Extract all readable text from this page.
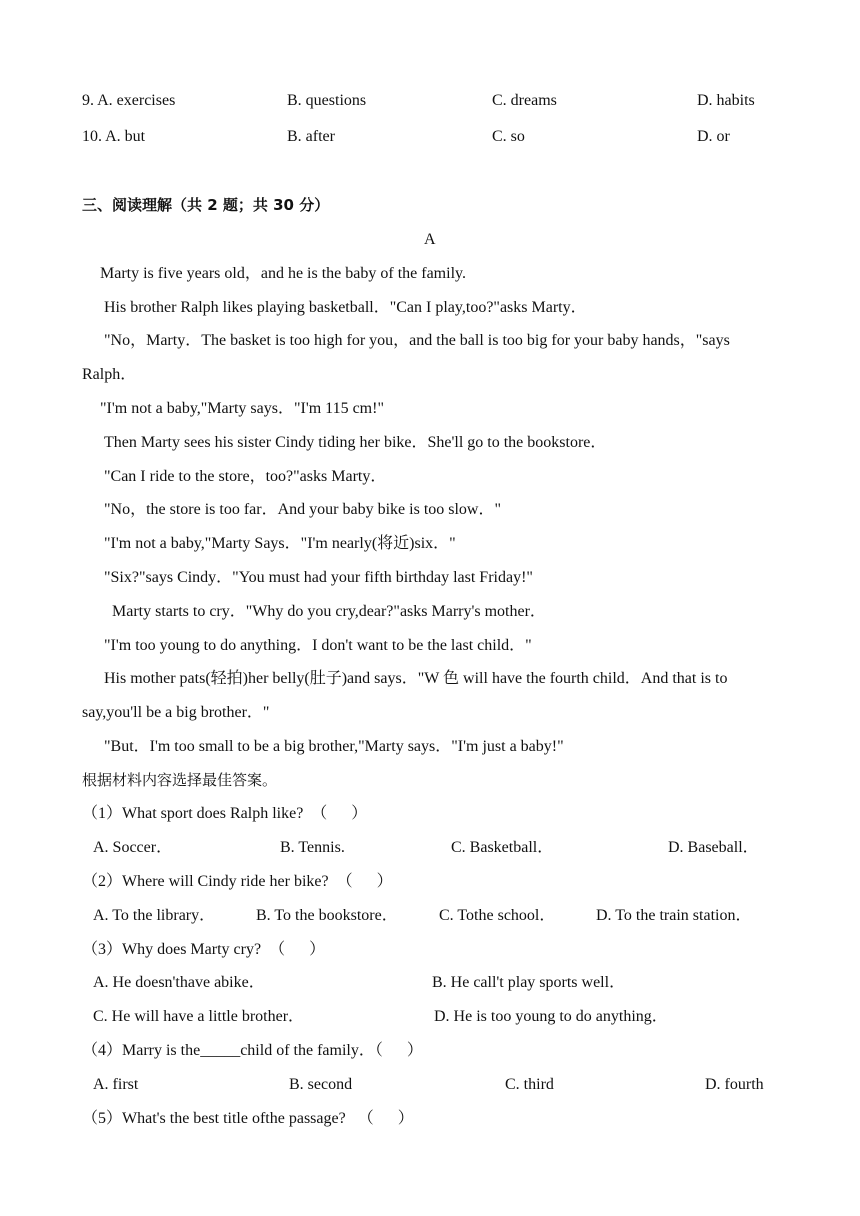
9. A. exercises	B. questions	C. dreams	D. habits
10. A. but	B. after	C. so	D. or
三、阅读理解（共 2 题；共 30 分）
A
Marty is five years old，and he is the baby of the family.
His brother Ralph likes playing basketball．"Can I play,too?"asks Marty．
"No，Marty．The basket is too high for you，and the ball is too big for your baby hands，"says
Ralph．
"I'm not a baby,"Marty says．"I'm 115 cm!"
Then Marty sees his sister Cindy tiding her bike．She'll go to the bookstore．
"Can I ride to the store，too?"asks Marty．
"No，the store is too far．And your baby bike is too slow．"
"I'm not a baby,"Marty Says．"I'm nearly(将近)six．"
"Six?"says Cindy．"You must had your fifth birthday last Friday!"
Marty starts to cry．"Why do you cry,dear?"asks Marry's mother．
"I'm too young to do anything．I don't want to be the last child．"
His mother pats(轻拍)her belly(肚子)and says．"W 色 will have the fourth child．And that is to
say,you'll be a big brother．"
"But．I'm too small to be a big brother,"Marty says．"I'm just a baby!"
根据材料内容选择最佳答案。
（1）What sport does Ralph like?  （      ）
A. Soccer．	B. Tennis.	C. Basketball．	D. Baseball．
（2）Where will Cindy ride her bike?  （      ）
A. To the library．	B. To the bookstore．	C. Tothe school．	D. To the train station．
（3）Why does Marty cry?  （      ）
A. He doesn'thave abike．	B. He call't play sports well．
C. He will have a little brother．	D. He is too young to do anything．
（4）Marry is the_____child of the family．（      ）
A. first	B. second	C. third	D. fourth
（5）What's the best title ofthe passage?   （      ）
